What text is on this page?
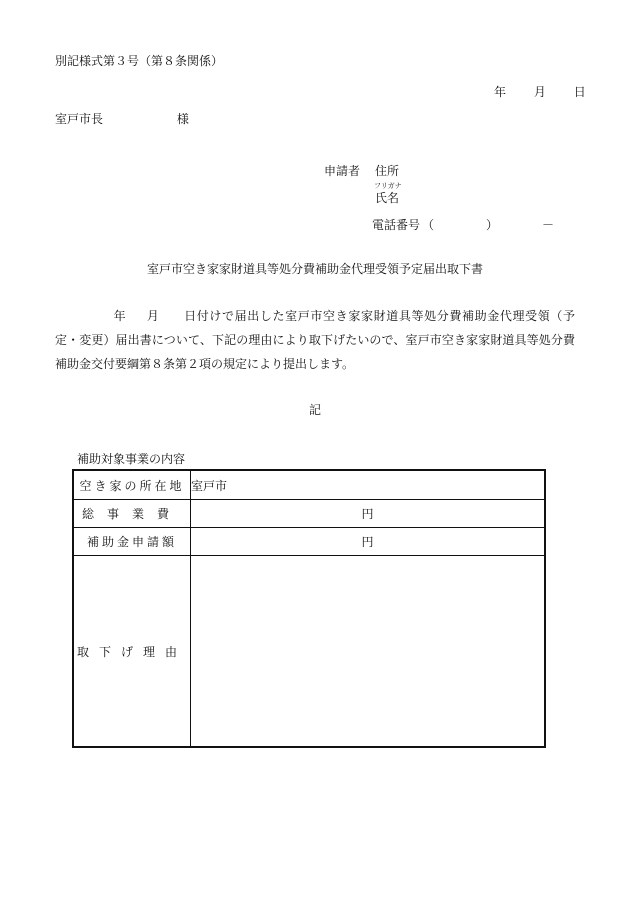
別記様式第３号（第８条関係）
年 月 日
室戸市長	様
申請者 住所
フリガナ
氏名
電話番号 （	）	－
室戸市空き家家財道具等処分費補助金代理受領予定届出取下書
年 月 日付けで届出した室戸市空き家家財道具等処分費補助金代理受領（予定・変更）届出書について、下記の理由により取下げたいので、室戸市空き家家財道具等処分費補助金交付要綱第８条第２項の規定により提出します。
記
補助対象事業の内容
空き家の所在地	室戸市
総事業費	円
補助金申請額	円
取下げ理由	
